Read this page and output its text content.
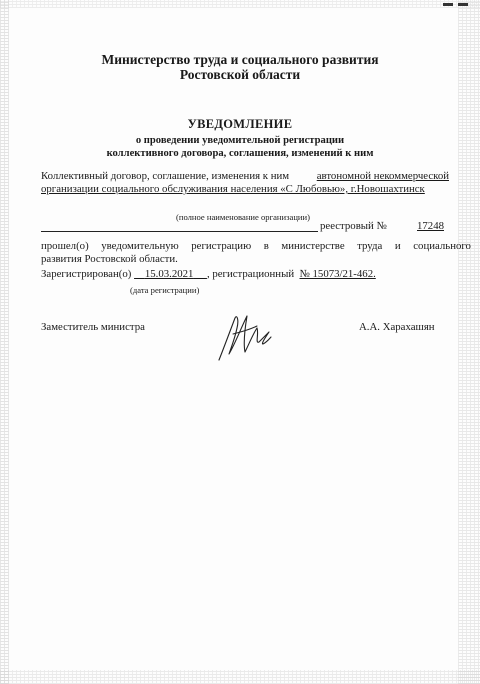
Министерство труда и социального развития
Ростовской области
УВЕДОМЛЕНИЕ
о проведении уведомительной регистрации
коллективного договора, соглашения, изменений к ним
Коллективный договор, соглашение, изменения к ним	автономной некоммерческой
организации социального обслуживания населения «С Любовью», г.Новошахтинск
(полное наименование организации)
реестровый №	17248
прошел(о) уведомительную регистрацию в министерстве труда и социального
развития Ростовской области.
Зарегистрирован(о) 15.03.2021 , регистрационный № 15073/21-462.
(дата регистрации)
Заместитель министра	А.А. Харахашян
